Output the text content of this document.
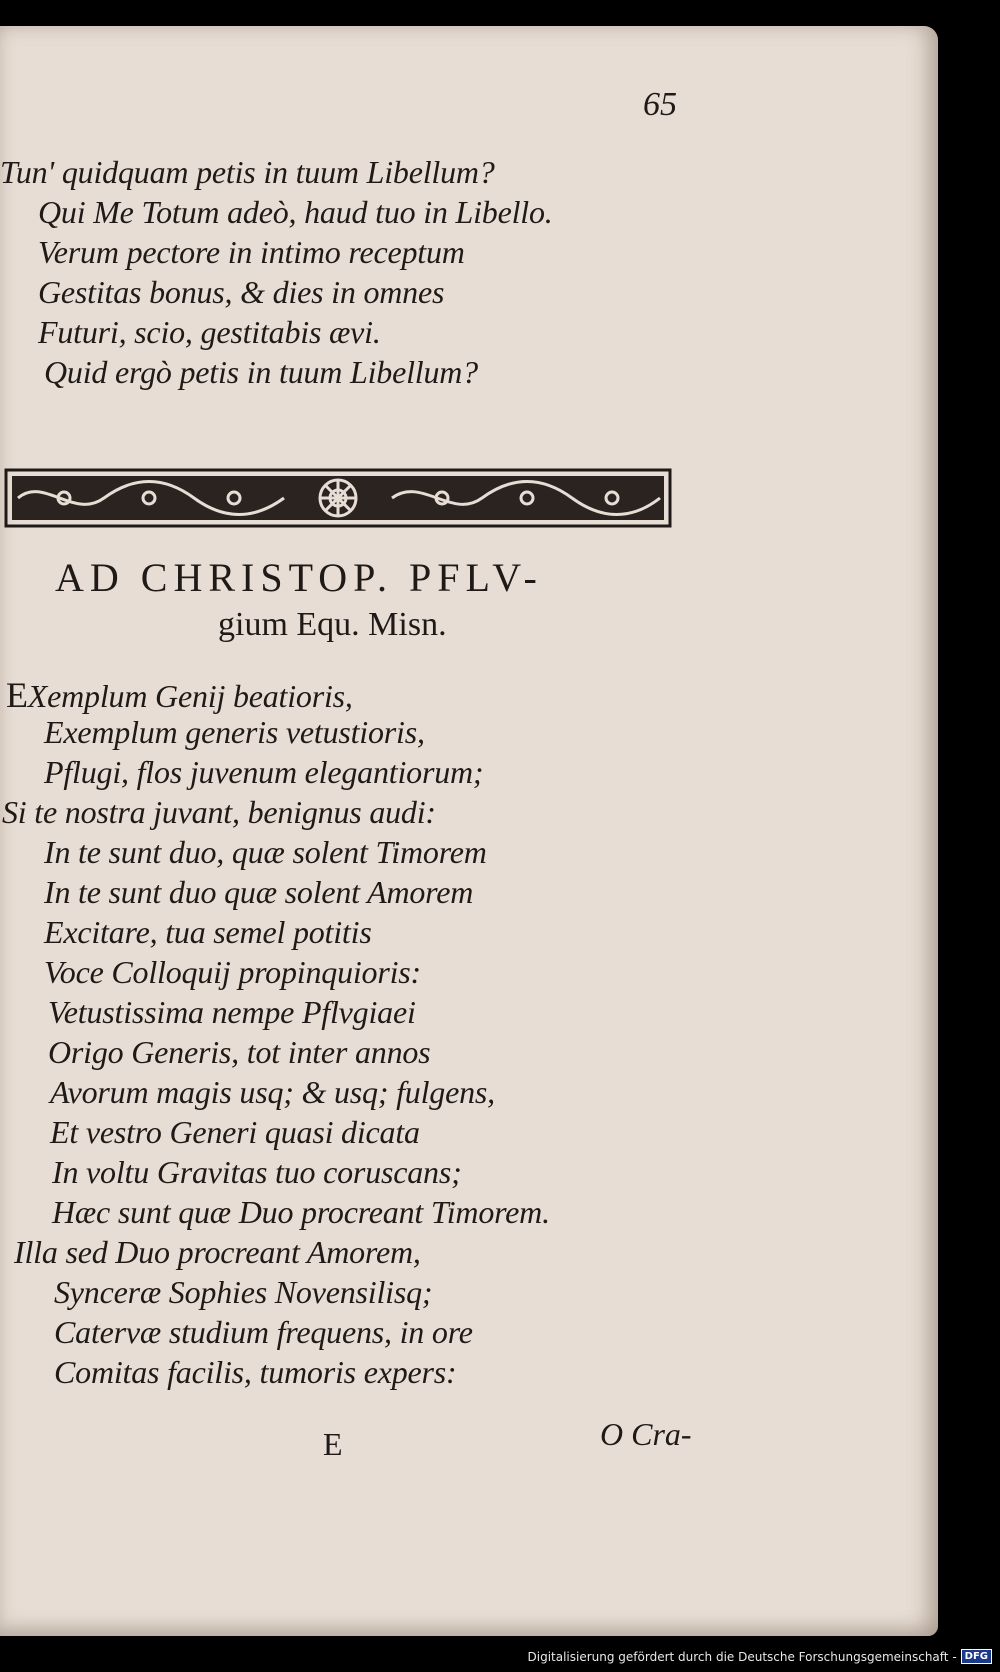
65
Tun' quidquam petis in tuum Libellum?
Qui Me Totum adeò, haud tuo in Libello.
Verum pectore in intimo receptum
Gestitas bonus, & dies in omnes
Futuri, scio, gestitabis ævi.
Quid ergò petis in tuum Libellum?
AD CHRISTOP. PFLV-
gium Equ. Misn.
EXemplum Genij beatioris,
Exemplum generis vetustioris,
Pflugi, flos juvenum elegantiorum;
Si te nostra juvant, benignus audi:
In te sunt duo, quæ solent Timorem
In te sunt duo quæ solent Amorem
Excitare, tua semel potitis
Voce Colloquij propinquioris:
Vetustissima nempe Pflvgiaei
Origo Generis, tot inter annos
Avorum magis usq; & usq; fulgens,
Et vestro Generi quasi dicata
In voltu Gravitas tuo coruscans;
Hæc sunt quæ Duo procreant Timorem.
Illa sed Duo procreant Amorem,
Synceræ Sophies Novensilisq;
Catervæ studium frequens, in ore
Comitas facilis, tumoris expers:
E	O Cra-
Digitalisierung gefördert durch die Deutsche Forschungsgemeinschaft - DFG
